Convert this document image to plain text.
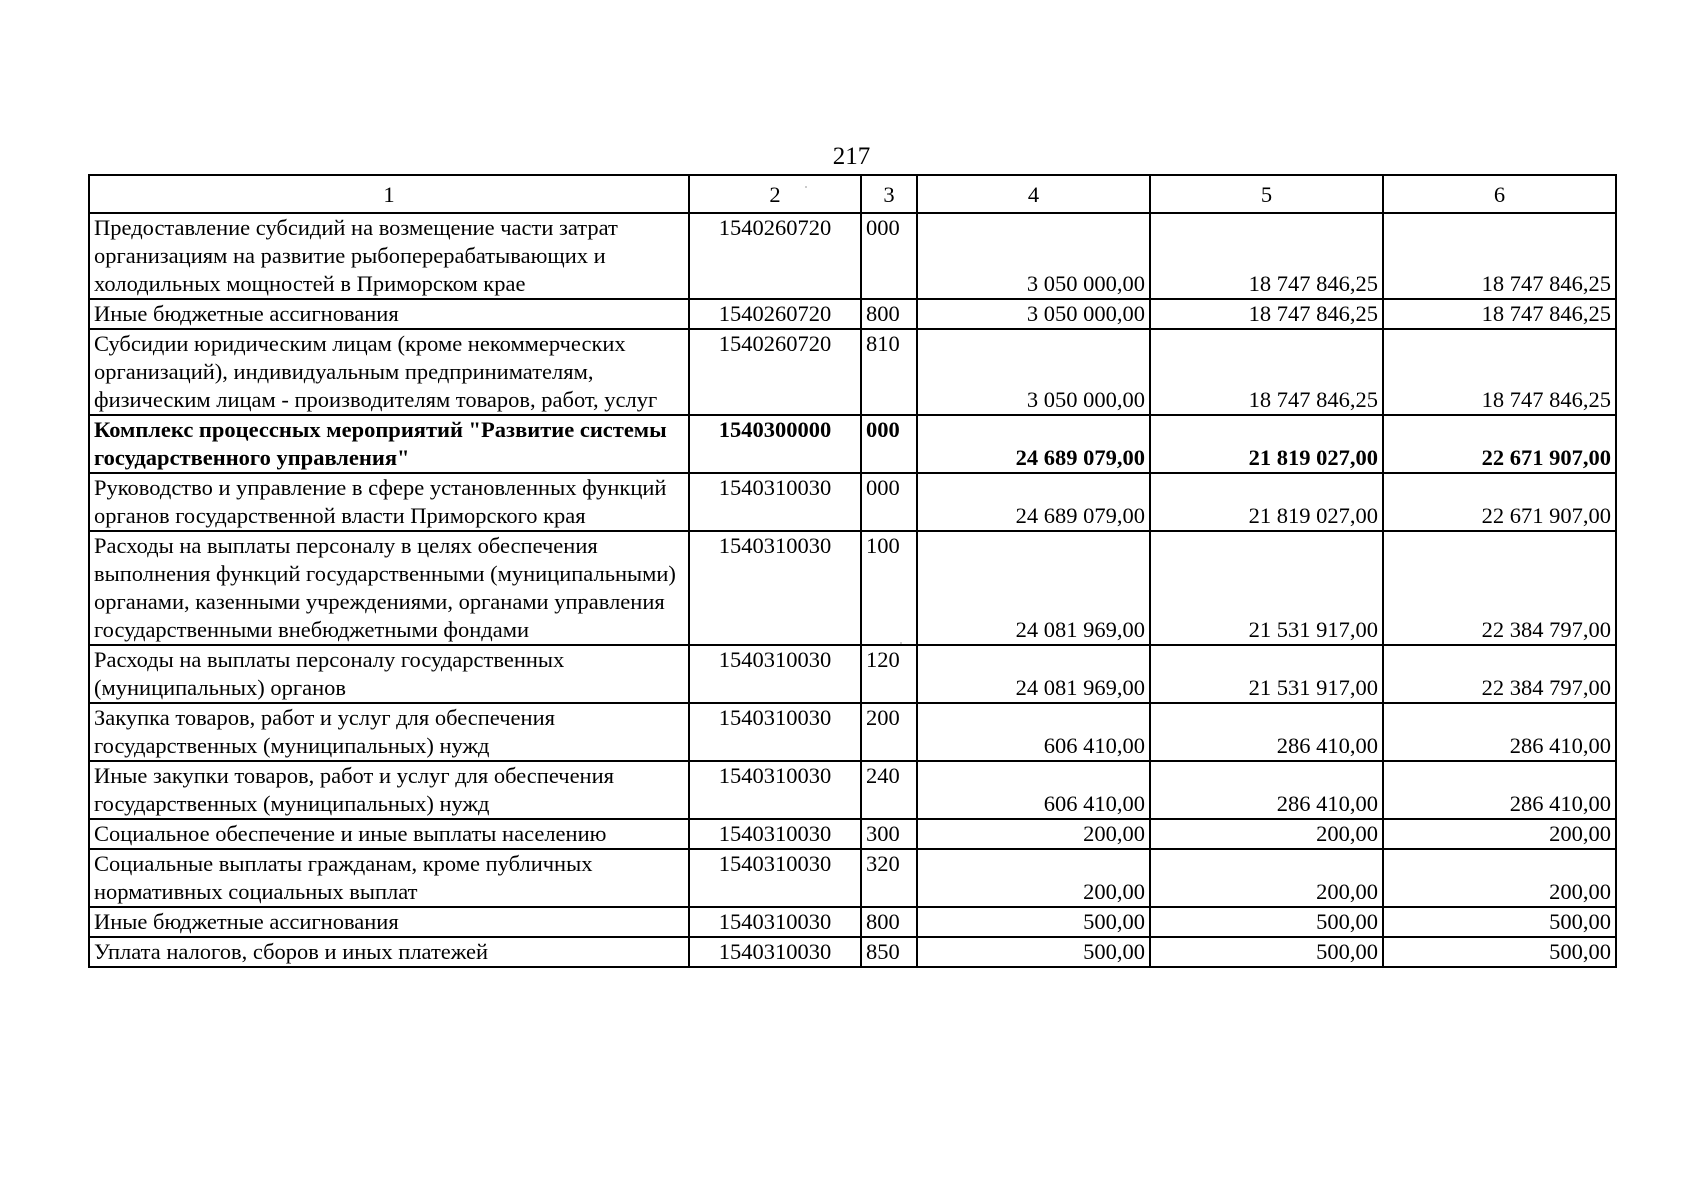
217
1	2	3	4	5	6
Предоставление субсидий на возмещение части затрат организациям на развитие рыбоперерабатывающих и холодильных мощностей в Приморском крае	1540260720	000	3 050 000,00	18 747 846,25	18 747 846,25
Иные бюджетные ассигнования	1540260720	800	3 050 000,00	18 747 846,25	18 747 846,25
Субсидии юридическим лицам (кроме некоммерческих организаций), индивидуальным предпринимателям, физическим лицам - производителям товаров, работ, услуг	1540260720	810	3 050 000,00	18 747 846,25	18 747 846,25
Комплекс процессных мероприятий "Развитие системы государственного управления"	1540300000	000	24 689 079,00	21 819 027,00	22 671 907,00
Руководство и управление в сфере установленных функций органов государственной власти Приморского края	1540310030	000	24 689 079,00	21 819 027,00	22 671 907,00
Расходы на выплаты персоналу в целях обеспечения выполнения функций государственными (муниципальными) органами, казенными учреждениями, органами управления государственными внебюджетными фондами	1540310030	100	24 081 969,00	21 531 917,00	22 384 797,00
Расходы на выплаты персоналу государственных (муниципальных) органов	1540310030	120	24 081 969,00	21 531 917,00	22 384 797,00
Закупка товаров, работ и услуг для обеспечения государственных (муниципальных) нужд	1540310030	200	606 410,00	286 410,00	286 410,00
Иные закупки товаров, работ и услуг для обеспечения государственных (муниципальных) нужд	1540310030	240	606 410,00	286 410,00	286 410,00
Социальное обеспечение и иные выплаты населению	1540310030	300	200,00	200,00	200,00
Социальные выплаты гражданам, кроме публичных нормативных социальных выплат	1540310030	320	200,00	200,00	200,00
Иные бюджетные ассигнования	1540310030	800	500,00	500,00	500,00
Уплата налогов, сборов и иных платежей	1540310030	850	500,00	500,00	500,00
